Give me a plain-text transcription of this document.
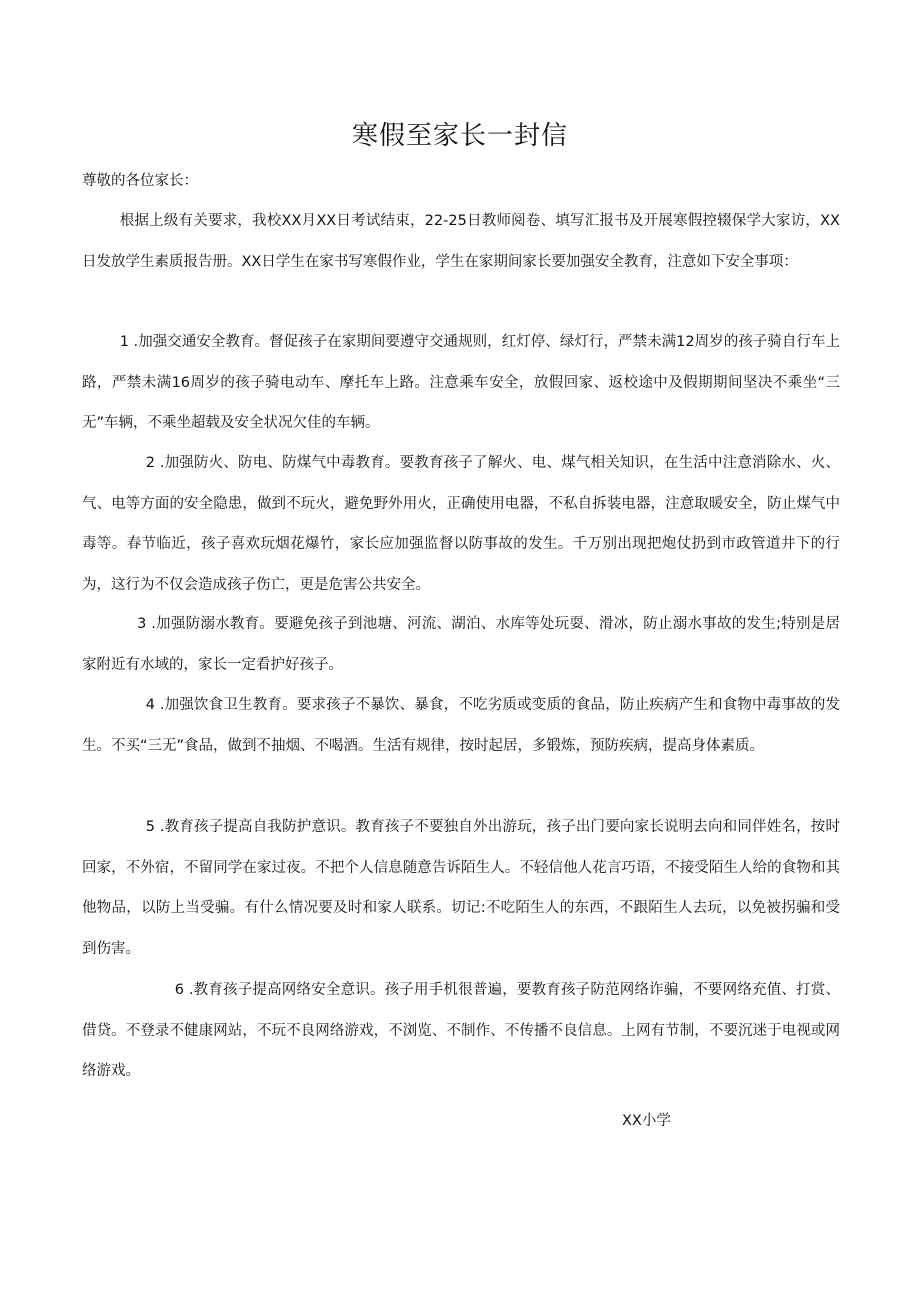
寒假至家长一封信
尊敬的各位家长：

根据上级有关要求，我校XX月XX日考试结束，22-25日教师阅卷、填写汇报书及开展寒假控辍保学大家访，XX日发放学生素质报告册。XX日学生在家书写寒假作业，学生在家期间家长要加强安全教育，注意如下安全事项：

1 .加强交通安全教育。督促孩子在家期间要遵守交通规则，红灯停、绿灯行，严禁未满12周岁的孩子骑自行车上路，严禁未满16周岁的孩子骑电动车、摩托车上路。注意乘车安全，放假回家、返校途中及假期期间坚决不乘坐“三无”车辆，不乘坐超载及安全状况欠佳的车辆。

2 .加强防火、防电、防煤气中毒教育。要教育孩子了解火、电、煤气相关知识，在生活中注意消除水、火、气、电等方面的安全隐患，做到不玩火，避免野外用火，正确使用电器，不私自拆装电器，注意取暖安全，防止煤气中毒等。春节临近，孩子喜欢玩烟花爆竹，家长应加强监督以防事故的发生。千万别出现把炮仗扔到市政管道井下的行为，这行为不仅会造成孩子伤亡，更是危害公共安全。

3 .加强防溺水教育。要避免孩子到池塘、河流、湖泊、水库等处玩耍、滑冰，防止溺水事故的发生;特别是居家附近有水域的，家长一定看护好孩子。

4 .加强饮食卫生教育。要求孩子不暴饮、暴食，不吃劣质或变质的食品，防止疾病产生和食物中毒事故的发生。不买“三无”食品，做到不抽烟、不喝酒。生活有规律，按时起居，多锻炼，预防疾病，提高身体素质。

5 .教育孩子提高自我防护意识。教育孩子不要独自外出游玩，孩子出门要向家长说明去向和同伴姓名，按时回家，不外宿，不留同学在家过夜。不把个人信息随意告诉陌生人。不轻信他人花言巧语，不接受陌生人给的食物和其他物品，以防上当受骗。有什么情况要及时和家人联系。切记:不吃陌生人的东西，不跟陌生人去玩，以免被拐骗和受到伤害。

6 .教育孩子提高网络安全意识。孩子用手机很普遍，要教育孩子防范网络诈骗，不要网络充值、打赏、借贷。不登录不健康网站，不玩不良网络游戏，不浏览、不制作、不传播不良信息。上网有节制，不要沉迷于电视或网络游戏。

XX小学
